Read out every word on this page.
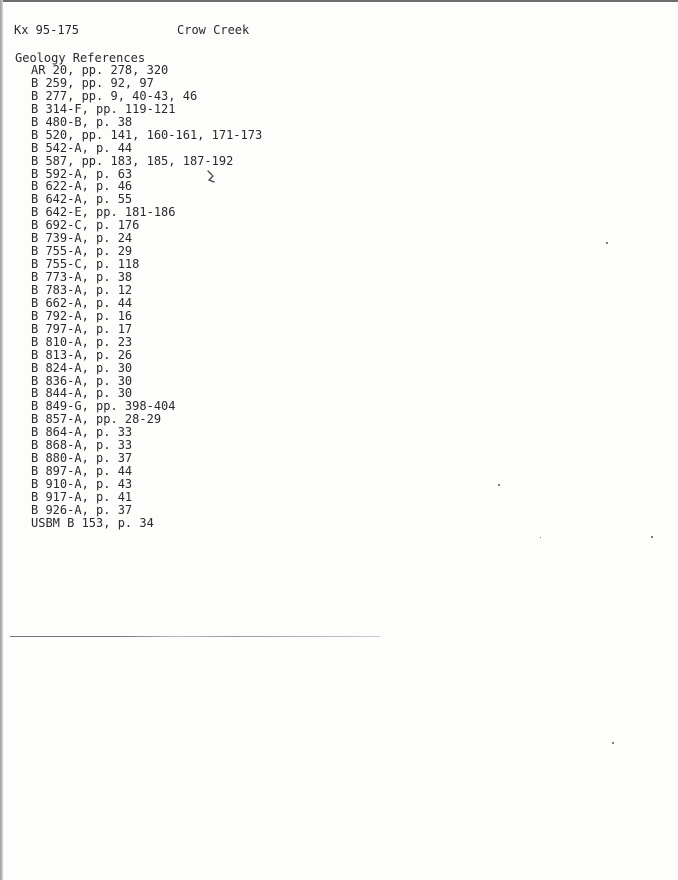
Kx 95-175

	Crow Creek

Geology References
AR 20, pp. 278, 320
B 259, pp. 92, 97
B 277, pp. 9, 40-43, 46
B 314-F, pp. 119-121
B 480-B, p. 38
B 520, pp. 141, 160-161, 171-173
B 542-A, p. 44
B 587, pp. 183, 185, 187-192
B 592-A, p. 63
B 622-A, p. 46
B 642-A, p. 55
B 642-E, pp. 181-186
B 692-C, p. 176
B 739-A, p. 24
B 755-A, p. 29
B 755-C, p. 118
B 773-A, p. 38
B 783-A, p. 12
B 662-A, p. 44
B 792-A, p. 16
B 797-A, p. 17
B 810-A, p. 23
B 813-A, p. 26
B 824-A, p. 30
B 836-A, p. 30
B 844-A, p. 30
B 849-G, pp. 398-404
B 857-A, pp. 28-29
B 864-A, p. 33
B 868-A, p. 33
B 880-A, p. 37
B 897-A, p. 44
B 910-A, p. 43
B 917-A, p. 41
B 926-A, p. 37
USBM B 153, p. 34
